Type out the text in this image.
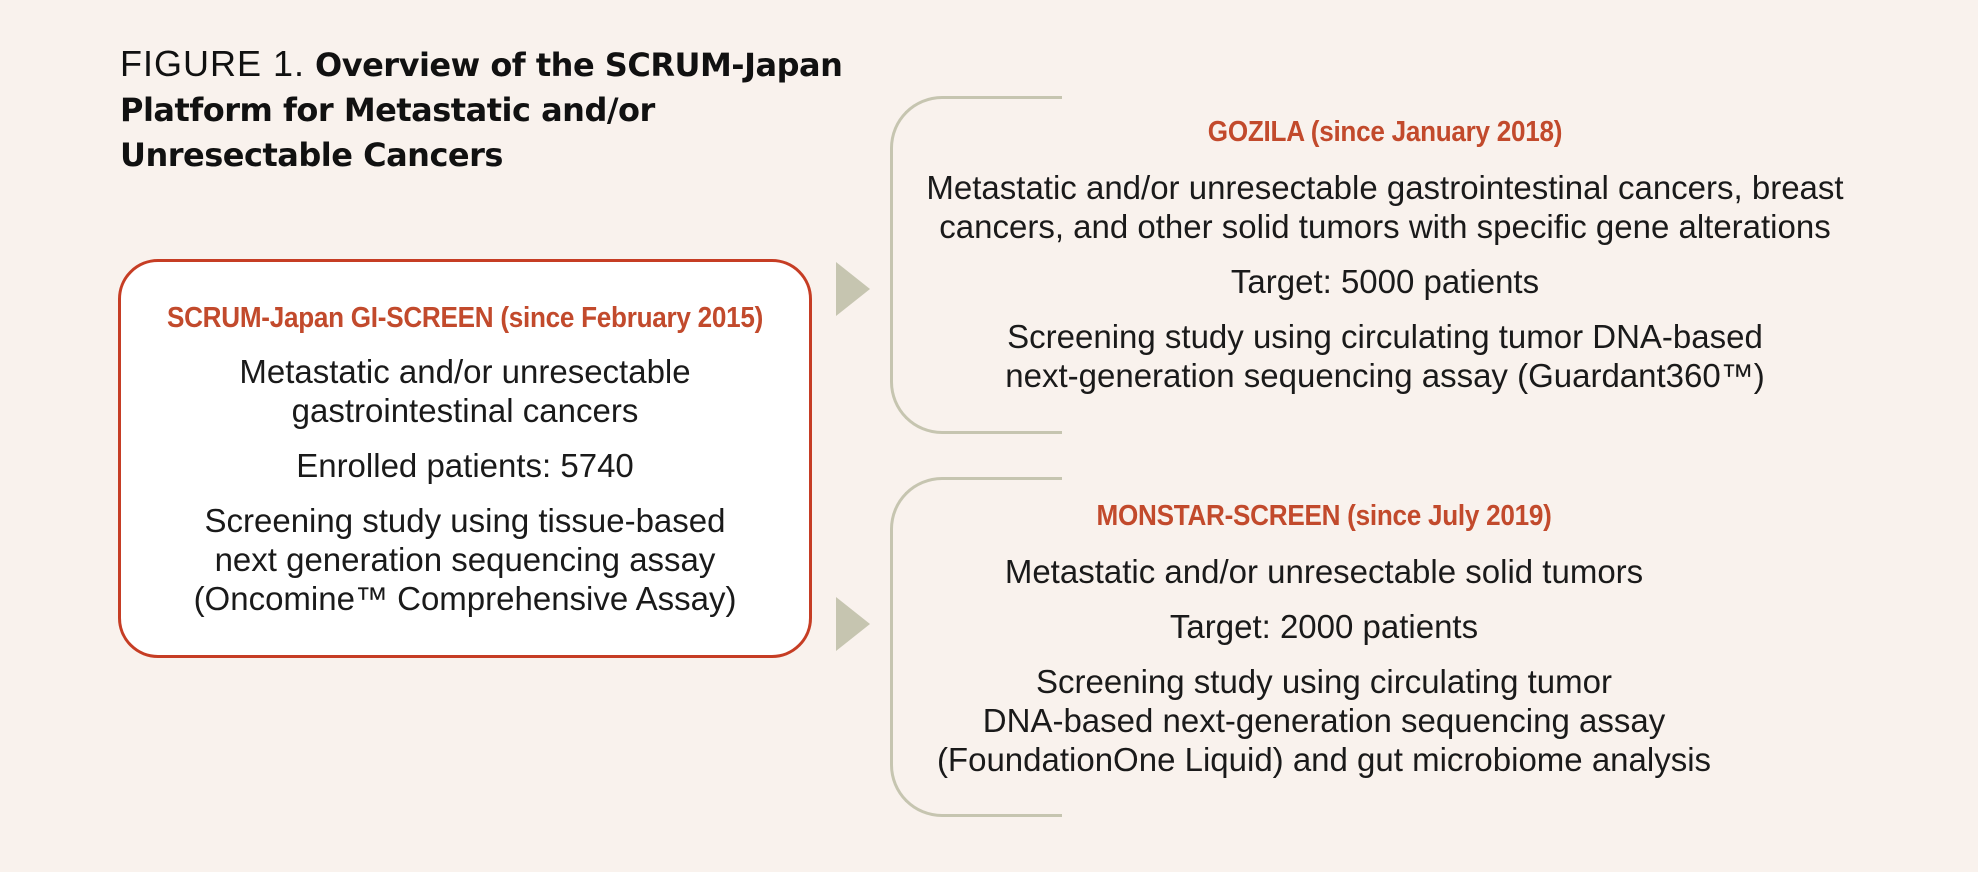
FIGURE 1. Overview of the SCRUM-Japan Platform for Metastatic and/or Unresectable Cancers
SCRUM-Japan GI-SCREEN (since February 2015)
Metastatic and/or unresectable
gastrointestinal cancers
Enrolled patients: 5740
Screening study using tissue-based
next generation sequencing assay
(Oncomine™ Comprehensive Assay)
GOZILA (since January 2018)
Metastatic and/or unresectable gastrointestinal cancers, breast
cancers, and other solid tumors with specific gene alterations
Target: 5000 patients
Screening study using circulating tumor DNA-based
next-generation sequencing assay (Guardant360™)
MONSTAR-SCREEN (since July 2019)
Metastatic and/or unresectable solid tumors
Target: 2000 patients
Screening study using circulating tumor
DNA-based next-generation sequencing assay
(FoundationOne Liquid) and gut microbiome analysis
